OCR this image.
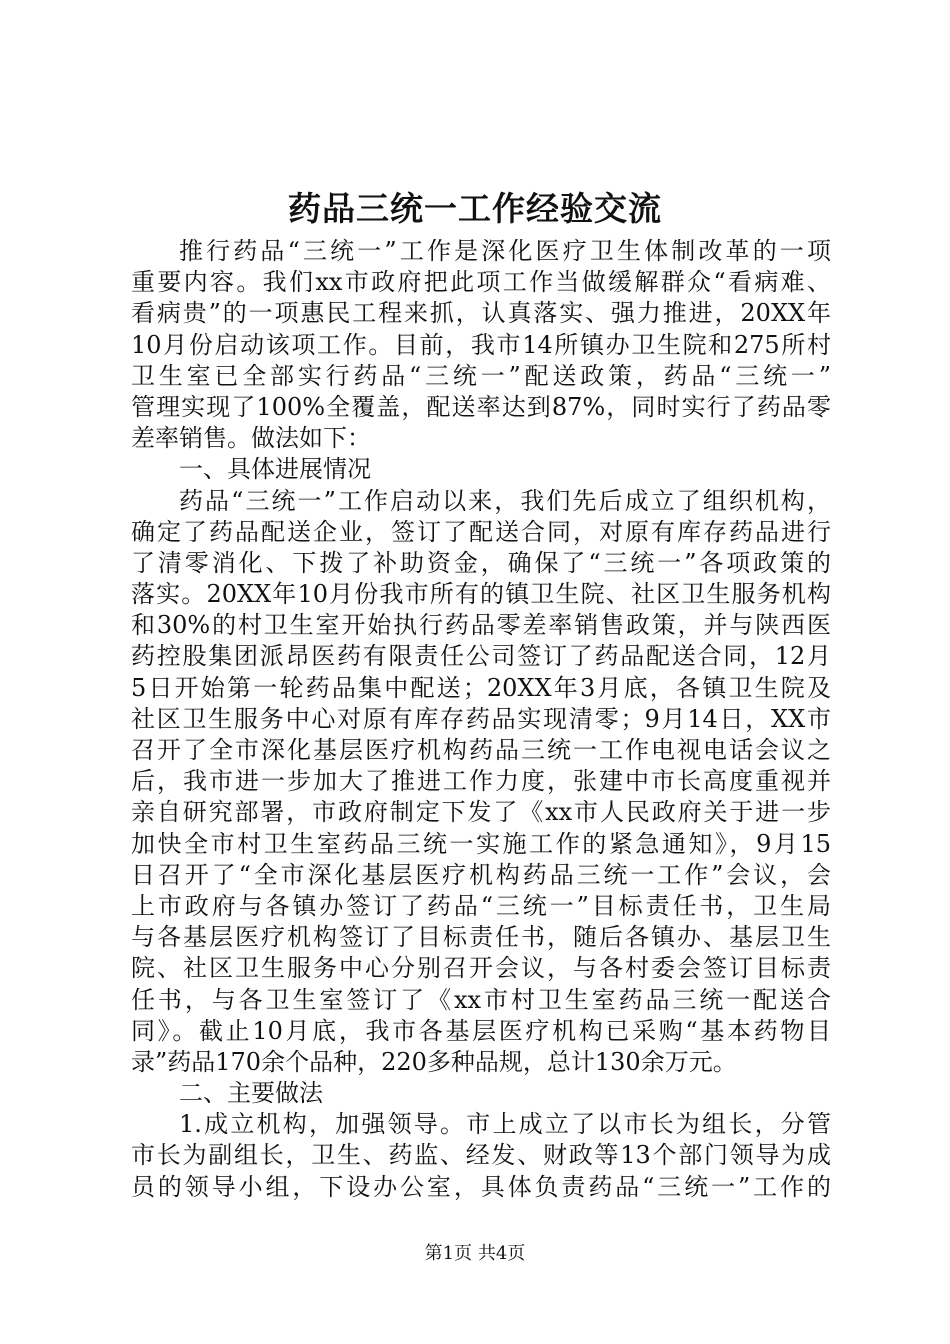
药品三统一工作经验交流
推行药品“三统一”工作是深化医疗卫生体制改革的一项
重要内容。我们xx市政府把此项工作当做缓解群众“看病难、
看病贵”的一项惠民工程来抓，认真落实、强力推进，20XX年
10月份启动该项工作。目前，我市14所镇办卫生院和275所村
卫生室已全部实行药品“三统一”配送政策，药品“三统一”
管理实现了100%全覆盖，配送率达到87%，同时实行了药品零
差率销售。做法如下：
一、具体进展情况
药品“三统一”工作启动以来，我们先后成立了组织机构，
确定了药品配送企业，签订了配送合同，对原有库存药品进行
了清零消化、下拨了补助资金，确保了“三统一”各项政策的
落实。20XX年10月份我市所有的镇卫生院、社区卫生服务机构
和30%的村卫生室开始执行药品零差率销售政策，并与陕西医
药控股集团派昂医药有限责任公司签订了药品配送合同，12月
5日开始第一轮药品集中配送；20XX年3月底，各镇卫生院及
社区卫生服务中心对原有库存药品实现清零；9月14日，XX市
召开了全市深化基层医疗机构药品三统一工作电视电话会议之
后，我市进一步加大了推进工作力度，张建中市长高度重视并
亲自研究部署，市政府制定下发了《xx市人民政府关于进一步
加快全市村卫生室药品三统一实施工作的紧急通知》，9月15
日召开了“全市深化基层医疗机构药品三统一工作”会议，会
上市政府与各镇办签订了药品“三统一”目标责任书，卫生局
与各基层医疗机构签订了目标责任书，随后各镇办、基层卫生
院、社区卫生服务中心分别召开会议，与各村委会签订目标责
任书，与各卫生室签订了《xx市村卫生室药品三统一配送合
同》。截止10月底，我市各基层医疗机构已采购“基本药物目
录”药品170余个品种，220多种品规，总计130余万元。
二、主要做法
1.成立机构，加强领导。市上成立了以市长为组长，分管
市长为副组长，卫生、药监、经发、财政等13个部门领导为成
员的领导小组，下设办公室，具体负责药品“三统一”工作的
第1页 共4页
